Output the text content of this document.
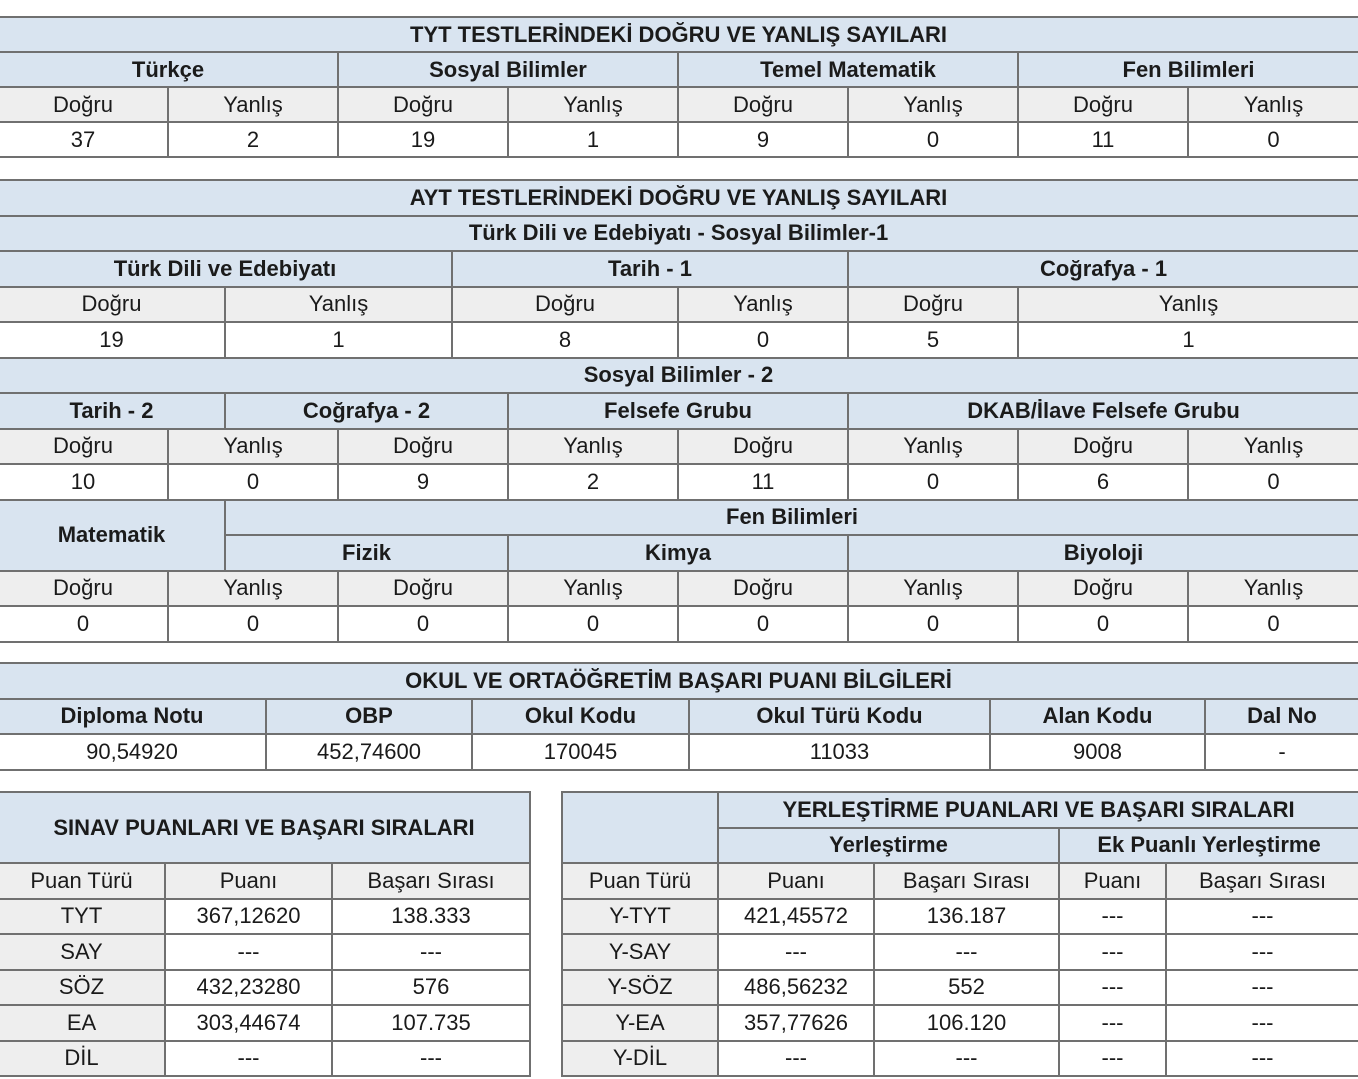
TYT TESTLERİNDEKİ DOĞRU VE YANLIŞ SAYILARI							
Türkçe		Sosyal Bilimler		Temel Matematik		Fen Bilimleri	
Doğru	Yanlış	Doğru	Yanlış	Doğru	Yanlış	Doğru	Yanlış
37	2	19	1	9	0	11	0
AYT TESTLERİNDEKİ DOĞRU VE YANLIŞ SAYILARI									
Türk Dili ve Edebiyatı - Sosyal Bilimler-1									
Türk Dili ve Edebiyatı				Tarih - 1			Coğrafya - 1		
Doğru		Yanlış		Doğru		Yanlış	Doğru	Yanlış	
19		1		8		0	5	1	
Sosyal Bilimler - 2									
Tarih - 2		Coğrafya - 2			Felsefe Grubu		DKAB/İlave Felsefe Grubu		
Doğru	Yanlış		Doğru		Yanlış	Doğru	Yanlış	Doğru	Yanlış
10	0		9		2	11	0	6	0
Matematik		Fen Bilimleri							
		Fizik			Kimya		Biyoloji		
Doğru	Yanlış		Doğru		Yanlış	Doğru	Yanlış	Doğru	Yanlış
0	0		0		0	0	0	0	0
OKUL VE ORTAÖĞRETİM BAŞARI PUANI BİLGİLERİ					
Diploma Notu	OBP	Okul Kodu	Okul Türü Kodu	Alan Kodu	Dal No
90,54920	452,74600	170045	11033	9008	-
SINAV PUANLARI VE BAŞARI SIRALARI		
Puan Türü	Puanı	Başarı Sırası
TYT	367,12620	138.333
SAY	---	---
SÖZ	432,23280	576
EA	303,44674	107.735
DİL	---	---
	YERLEŞTİRME PUANLARI VE BAŞARI SIRALARI			
	Yerleştirme		Ek Puanlı Yerleştirme	
Puan Türü	Puanı	Başarı Sırası	Puanı	Başarı Sırası
Y-TYT	421,45572	136.187	---	---
Y-SAY	---	---	---	---
Y-SÖZ	486,56232	552	---	---
Y-EA	357,77626	106.120	---	---
Y-DİL	---	---	---	---
